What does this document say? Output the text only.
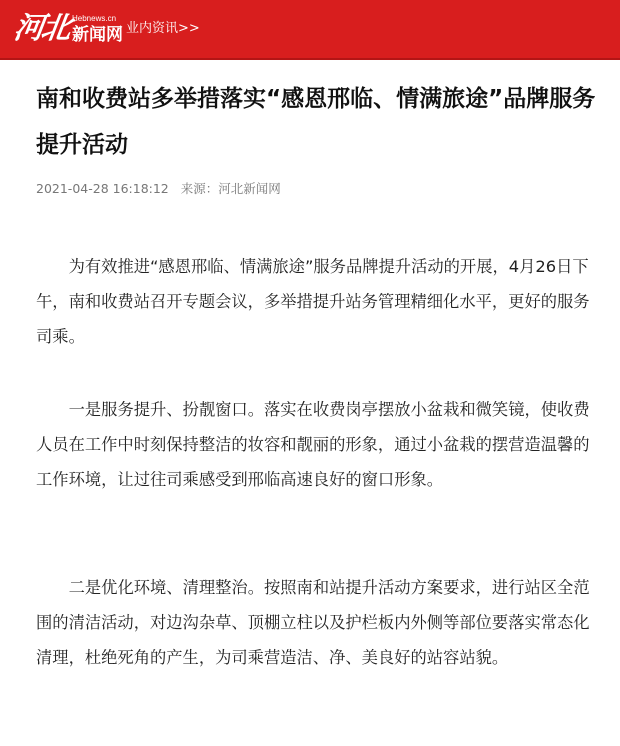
河北 Hebnews.cn
新闻网 业内资讯>>
南和收费站多举措落实“感恩邢临、情满旅途”品牌服务提升活动
2021-04-28 16:18:12 来源：河北新闻网

为有效推进“感恩邢临、情满旅途”服务品牌提升活动的开展，4月26日下午，南和收费站召开专题会议，多举措提升站务管理精细化水平，更好的服务司乘。

一是服务提升、扮靓窗口。落实在收费岗亭摆放小盆栽和微笑镜，使收费人员在工作中时刻保持整洁的妆容和靓丽的形象，通过小盆栽的摆营造温馨的工作环境，让过往司乘感受到邢临高速良好的窗口形象。

二是优化环境、清理整治。按照南和站提升活动方案要求，进行站区全范围的清洁活动，对边沟杂草、顶棚立柱以及护栏板内外侧等部位要落实常态化清理，杜绝死角的产生，为司乘营造洁、净、美良好的站容站貌。
